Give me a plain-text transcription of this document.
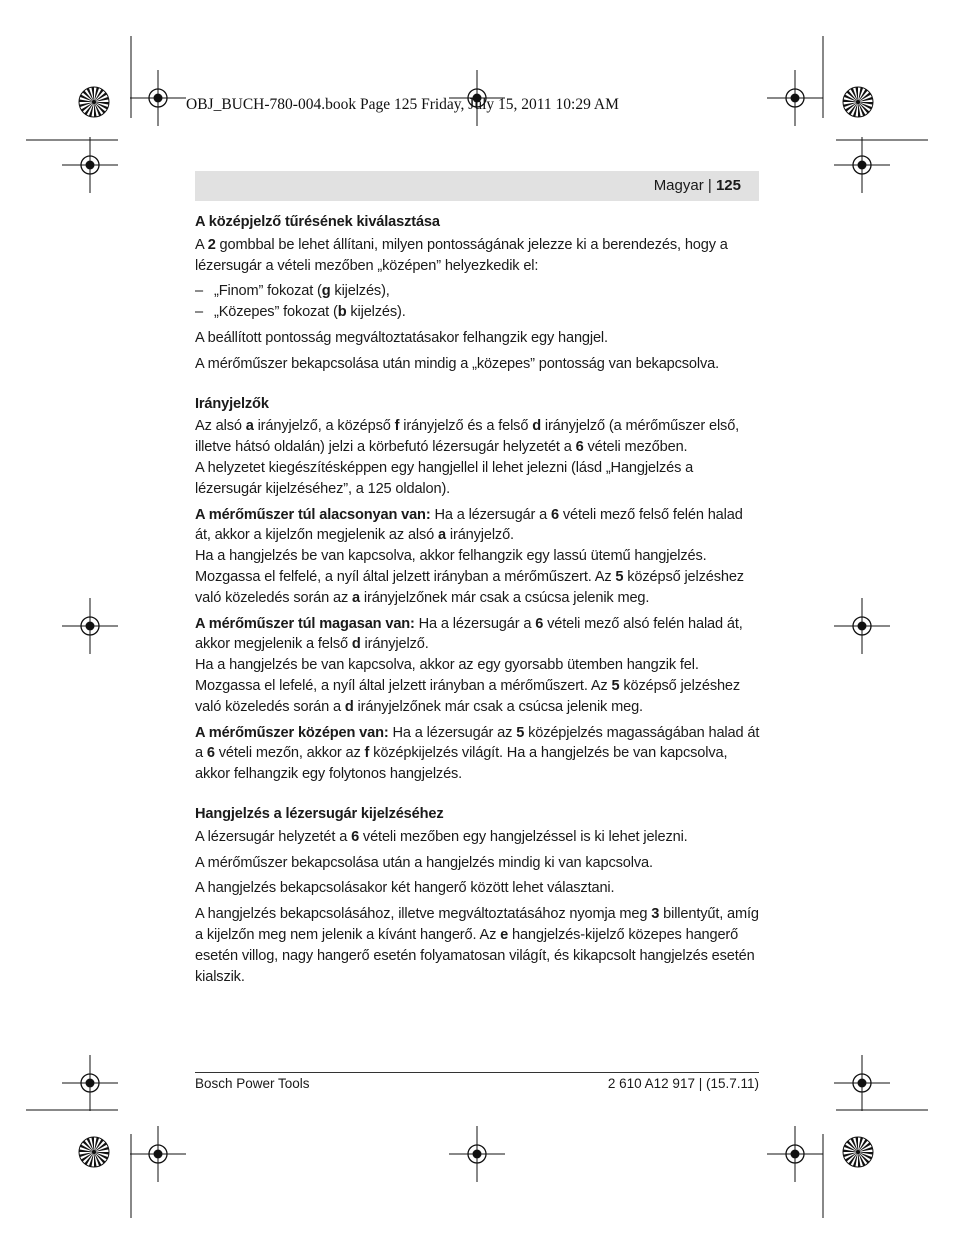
OBJ_BUCH-780-004.book Page 125 Friday, July 15, 2011 10:29 AM
Magyar | 125
A középjelző tűrésének kiválasztása

A 2 gombbal be lehet állítani, milyen pontosságának jelezze ki a berendezés, hogy a lézersugár a vételi mezőben „középen” helyezkedik el:

– „Finom” fokozat (g kijelzés),
– „Közepes” fokozat (b kijelzés).

A beállított pontosság megváltoztatásakor felhangzik egy hangjel.

A mérőműszer bekapcsolása után mindig a „közepes” pontosság van bekapcsolva.

Irányjelzők

Az alsó a irányjelző, a középső f irányjelző és a felső d irányjelző (a mérőműszer első, illetve hátsó oldalán) jelzi a körbefutó lézersugár helyzetét a 6 vételi mezőben.
A helyzetet kiegészítésképpen egy hangjellel il lehet jelezni (lásd „Hangjelzés a lézersugár kijelzéséhez”, a 125 oldalon).

A mérőműszer túl alacsonyan van: Ha a lézersugár a 6 vételi mező felső felén halad át, akkor a kijelzőn megjelenik az alsó a irányjelző.
Ha a hangjelzés be van kapcsolva, akkor felhangzik egy lassú ütemű hangjelzés.
Mozgassa el felfelé, a nyíl által jelzett irányban a mérőműszert. Az 5 középső jelzéshez való közeledés során az a irányjelzőnek már csak a csúcsa jelenik meg.

A mérőműszer túl magasan van: Ha a lézersugár a 6 vételi mező alsó felén halad át, akkor megjelenik a felső d irányjelző.
Ha a hangjelzés be van kapcsolva, akkor az egy gyorsabb ütemben hangzik fel.
Mozgassa el lefelé, a nyíl által jelzett irányban a mérőműszert. Az 5 középső jelzéshez való közeledés során a d irányjelzőnek már csak a csúcsa jelenik meg.

A mérőműszer középen van: Ha a lézersugár az 5 középjelzés magasságában halad át a 6 vételi mezőn, akkor az f középkijelzés világít. Ha a hangjelzés be van kapcsolva, akkor felhangzik egy folytonos hangjelzés.

Hangjelzés a lézersugár kijelzéséhez

A lézersugár helyzetét a 6 vételi mezőben egy hangjelzéssel is ki lehet jelezni.

A mérőműszer bekapcsolása után a hangjelzés mindig ki van kapcsolva.

A hangjelzés bekapcsolásakor két hangerő között lehet választani.

A hangjelzés bekapcsolásához, illetve megváltoztatásához nyomja meg 3 billentyűt, amíg a kijelzőn meg nem jelenik a kívánt hangerő. Az e hangjelzés-kijelző közepes hangerő esetén villog, nagy hangerő esetén folyamatosan világít, és kikapcsolt hangjelzés esetén kialszik.

Bosch Power Tools	2 610 A12 917 | (15.7.11)
